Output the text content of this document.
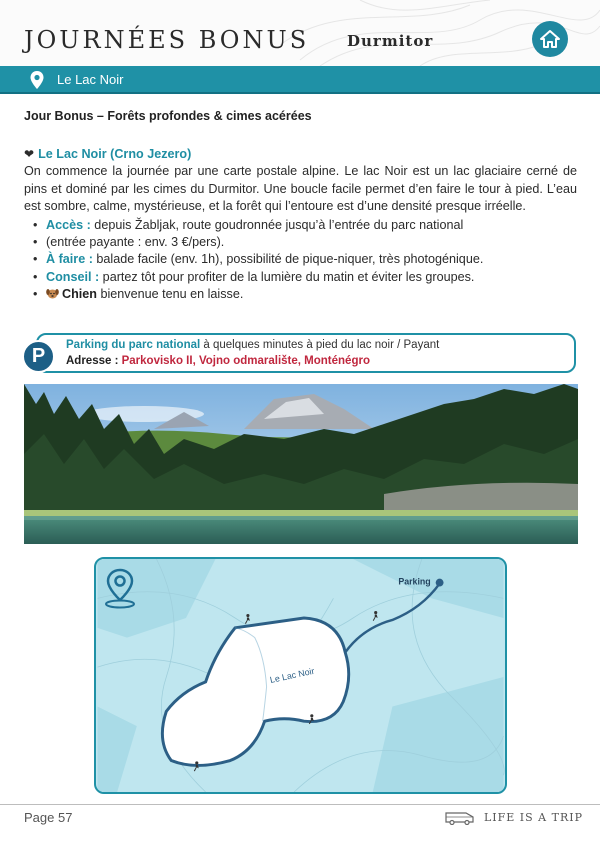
JOURNÉES BONUS	Durmitor
Le Lac Noir
Jour Bonus – Forêts profondes & cimes acérées
❤ Le Lac Noir (Crno Jezero)
On commence la journée par une carte postale alpine. Le lac Noir est un lac glaciaire cerné de pins et dominé par les cimes du Durmitor. Une boucle facile permet d’en faire le tour à pied. L’eau est sombre, calme, mystérieuse, et la forêt qui l’entoure est d’une densité presque irréelle.
• Accès : depuis Žabljak, route goudronnée jusqu’à l’entrée du parc national
• (entrée payante : env. 3 €/pers).
• À faire : balade facile (env. 1h), possibilité de pique-niquer, très photogénique.
• Conseil : partez tôt pour profiter de la lumière du matin et éviter les groupes.
• Chien bienvenue tenu en laisse.
P	Parking du parc national à quelques minutes à pied du lac noir / Payant
Adresse : Parkovisko II, Vojno odmaralište, Monténégro
Parking
Le Lac Noir
Page 57	LIFE IS A TRIP
